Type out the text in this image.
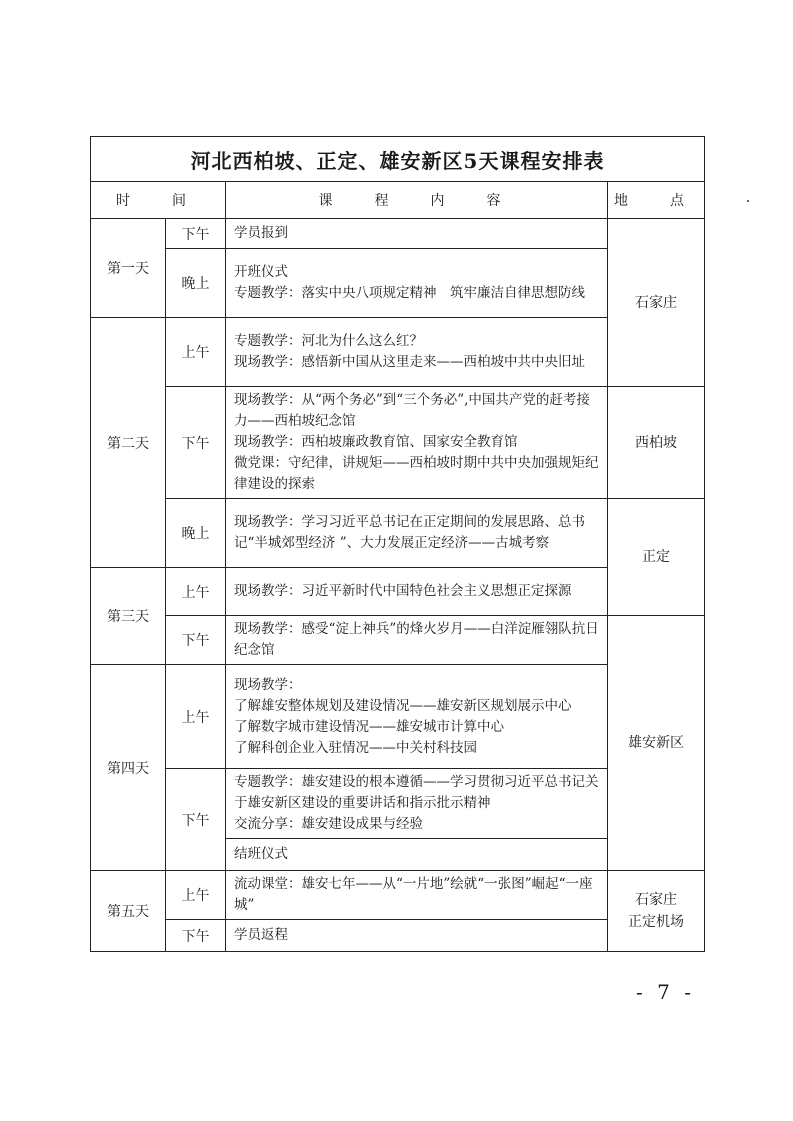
河北西柏坡、正定、雄安新区5天课程安排表			
时　间		课　程　内　容	地　点
第一天	下午	学员报到	石家庄
	晚上	开班仪式
专题教学：落实中央八项规定精神　筑牢廉洁自律思想防线	

第二天	上午	专题教学：河北为什么这么红？
现场教学：感悟新中国从这里走来——西柏坡中共中央旧址	

	下午	现场教学：从“两个务必”到“三个务必”,中国共产党的赶考接力——西柏坡纪念馆
现场教学：西柏坡廉政教育馆、国家安全教育馆
微党课：守纪律，讲规矩——西柏坡时期中共中央加强规矩纪律建设的探索	西柏坡
	晚上	现场教学：学习习近平总书记在正定期间的发展思路、总书记“半城郊型经济 ”、大力发展正定经济——古城考察	正定
第三天	上午	现场教学：习近平新时代中国特色社会主义思想正定探源	

	下午	现场教学：感受“淀上神兵”的烽火岁月——白洋淀雁翎队抗日纪念馆	雄安新区
第四天	上午	现场教学：
了解雄安整体规划及建设情况——雄安新区规划展示中心
了解数字城市建设情况——雄安城市计算中心
了解科创企业入驻情况——中关村科技园	

	下午	专题教学：雄安建设的根本遵循——学习贯彻习近平总书记关于雄安新区建设的重要讲话和指示批示精神
交流分享：雄安建设成果与经验	

		结班仪式	

第五天	上午	流动课堂：雄安七年——从“一片地”绘就“一张图”崛起“一座城”	石家庄
正定机场

	下午	学员返程	
- 7 -
